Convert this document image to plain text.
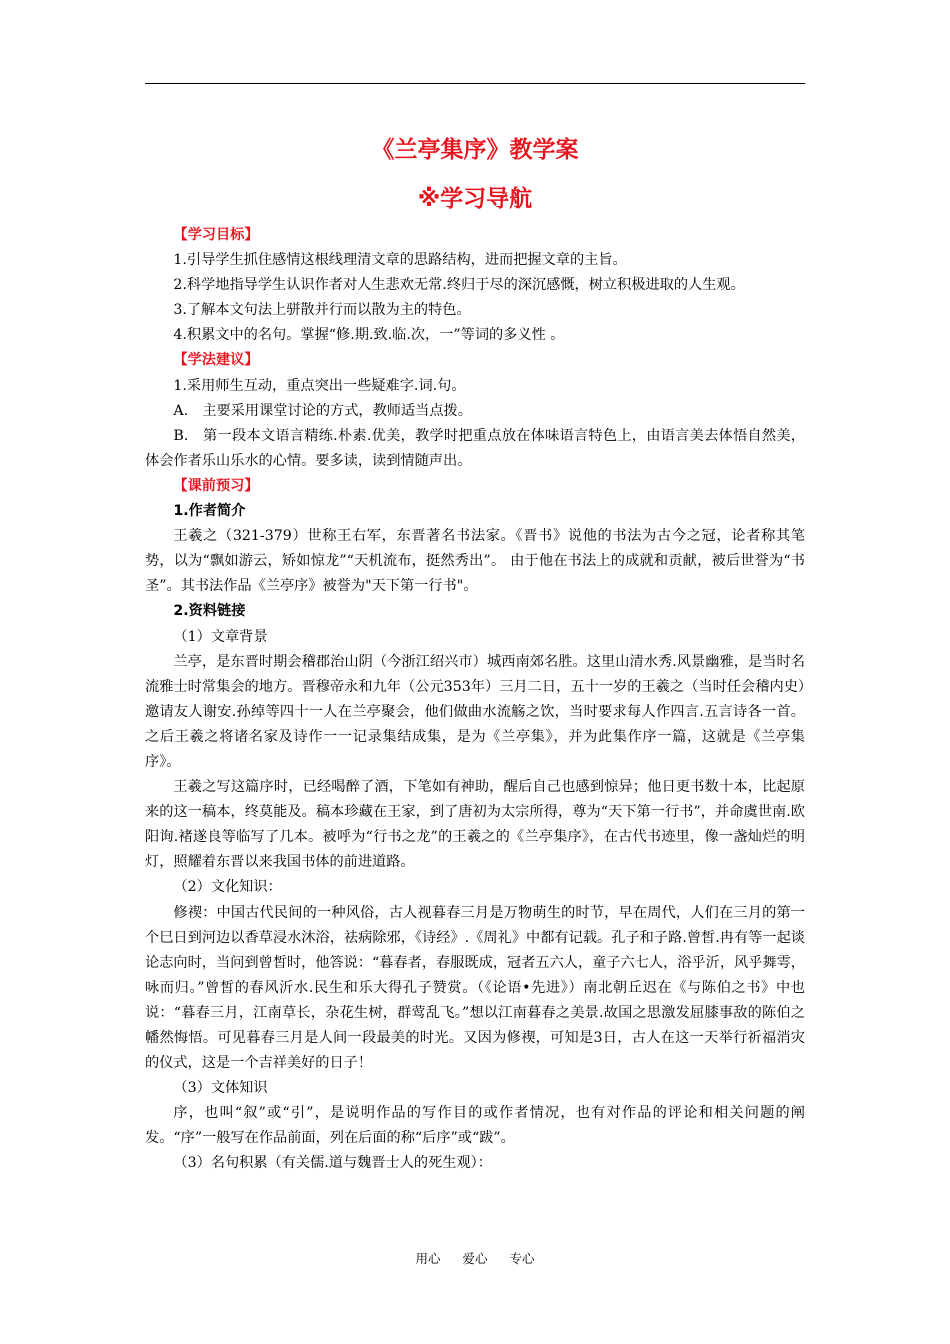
《兰亭集序》教学案
※学习导航

【学习目标】

1.引导学生抓住感情这根线理清文章的思路结构，进而把握文章的主旨。

2.科学地指导学生认识作者对人生悲欢无常.终归于尽的深沉感慨，树立积极进取的人生观。

3.了解本文句法上骈散并行而以散为主的特色。

4.积累文中的名句。掌握“修.期.致.临.次，一”等词的多义性 。

【学法建议】

1.采用师生互动，重点突出一些疑难字.词.句。

A.　主要采用课堂讨论的方式，教师适当点拨。

B.　第一段本文语言精练.朴素.优美，教学时把重点放在体味语言特色上，由语言美去体悟自然美，体会作者乐山乐水的心情。要多读，读到情随声出。

【课前预习】

1.作者简介

王羲之（321-379）世称王右军，东晋著名书法家。《晋书》说他的书法为古今之冠，论者称其笔势，以为“飘如游云，矫如惊龙”“天机流布，挺然秀出”。 由于他在书法上的成就和贡献，被后世誉为“书圣”。其书法作品《兰亭序》被誉为"天下第一行书"。

2.资料链接

（1）文章背景

兰亭，是东晋时期会稽郡治山阴（今浙江绍兴市）城西南郊名胜。这里山清水秀.风景幽雅，是当时名流雅士时常集会的地方。晋穆帝永和九年（公元353年）三月二日，五十一岁的王羲之（当时任会稽内史）邀请友人谢安.孙绰等四十一人在兰亭聚会，他们做曲水流觞之饮，当时要求每人作四言.五言诗各一首。之后王羲之将诸名家及诗作一一记录集结成集，是为《兰亭集》，并为此集作序一篇，这就是《兰亭集序》。

王羲之写这篇序时，已经喝醉了酒，下笔如有神助，醒后自己也感到惊异；他日更书数十本，比起原来的这一稿本，终莫能及。稿本珍藏在王家，到了唐初为太宗所得，尊为“天下第一行书”，并命虞世南.欧阳询.褚遂良等临写了几本。被呼为“行书之龙”的王羲之的《兰亭集序》，在古代书迹里，像一盏灿烂的明灯，照耀着东晋以来我国书体的前进道路。

（2）文化知识：

修禊：中国古代民间的一种风俗，古人视暮春三月是万物萌生的时节，早在周代，人们在三月的第一个巳日到河边以香草浸水沐浴，祛病除邪，《诗经》.《周礼》中都有记载。孔子和子路.曾皙.冉有等一起谈论志向时，当问到曾皙时，他答说：“暮春者，春服既成，冠者五六人，童子六七人，浴乎沂，风乎舞雩，咏而归。”曾皙的春风沂水.民生和乐大得孔子赞赏。（《论语•先进》）南北朝丘迟在《与陈伯之书》中也说：“暮春三月，江南草长，杂花生树，群莺乱飞。”想以江南暮春之美景.故国之思激发屈膝事敌的陈伯之幡然悔悟。可见暮春三月是人间一段最美的时光。又因为修禊，可知是3日，古人在这一天举行祈福消灾的仪式，这是一个吉祥美好的日子！

（3）文体知识

序，也叫“叙”或“引”，是说明作品的写作目的或作者情况，也有对作品的评论和相关问题的阐发。“序”一般写在作品前面，列在后面的称“后序”或“跋”。

（3）名句积累（有关儒.道与魏晋士人的死生观）：

用心 爱心 专心
